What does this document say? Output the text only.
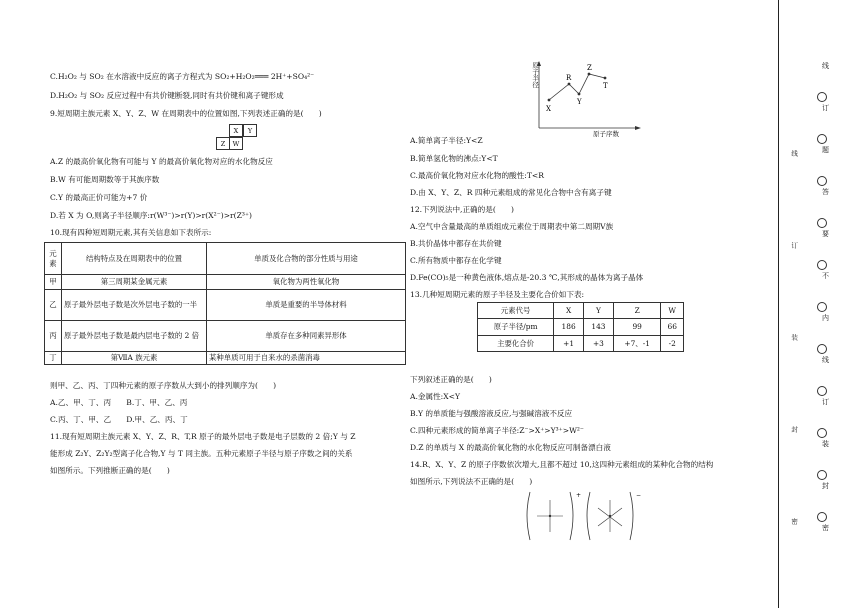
C.H₂O₂ 与 SO₂ 在水溶液中反应的离子方程式为 SO₂+H₂O₂═══ 2H⁺+SO₄²⁻
D.H₂O₂ 与 SO₂ 反应过程中有共价键断裂,同时有共价键和离子键形成
9.短周期主族元素 X、Y、Z、W 在周期表中的位置如图,下列表述正确的是(　　)
X	Y
Z	W
A.Z 的最高价氧化物有可能与 Y 的最高价氧化物对应的水化物反应
B.W 有可能周期数等于其族序数
C.Y 的最高正价可能为+7 价
D.若 X 为 O,则离子半径顺序:r(W³⁻)>r(Y)>r(X²⁻)>r(Z³⁺)
10.现有四种短周期元素,其有关信息如下表所示:
元素	结构特点及在周期表中的位置	单质及化合物的部分性质与用途
甲	第三周期某金属元素	氧化物为两性氧化物
乙	原子最外层电子数是次外层电子数的一半	单质是重要的半导体材料
丙	原子最外层电子数是最内层电子数的 2 倍	单质存在多种同素异形体
丁	第ⅦA 族元素	某种单质可用于自来水的杀菌消毒
则甲、乙、丙、丁四种元素的原子序数从大到小的排列顺序为(　　)
A.乙、甲、丁、丙　　B.丁、甲、乙、丙
C.丙、丁、甲、乙　　D.甲、乙、丙、丁
11.现有短周期主族元素 X、Y、Z、R、T,R 原子的最外层电子数是电子层数的 2 倍;Y 与 Z
能形成 Z₂Y、Z₂Y₂型离子化合物,Y 与 T 同主族。五种元素原子半径与原子序数之间的关系
如图所示。下列推断正确的是(　　)
X
R
Y
Z
T
原子序数
原子半径
A.简单离子半径:Y<Z
B.简单氢化物的沸点:Y<T
C.最高价氧化物对应水化物的酸性:T<R
D.由 X、Y、Z、R 四种元素组成的常见化合物中含有离子键
12.下列说法中,正确的是(　　)
A.空气中含量最高的单质组成元素位于周期表中第二周期Ⅴ族
B.共价晶体中都存在共价键
C.所有物质中都存在化学键
D.Fe(CO)₅是一种黄色液体,熔点是-20.3 ℃,其形成的晶体为离子晶体
13.几种短周期元素的原子半径及主要化合价如下表:
元素代号	X	Y	Z	W
原子半径/pm	186	143	99	66
主要化合价	+1	+3	+7、-1	-2
下列叙述正确的是(　　)
A.金属性:X<Y
B.Y 的单质能与强酸溶液反应,与强碱溶液不反应
C.四种元素形成的简单离子半径:Z⁻>X⁺>Y³⁺>W²⁻
D.Z 的单质与 X 的最高价氧化物的水化物反应可制备漂白液
14.R、X、Y、Z 的原子序数依次增大,且都不超过 10,这四种元素组成的某种化合物的结构
如图所示,下列说法不正确的是(　　)
+	−
线
订
题
答
要
不
内
线
订
装
封
密
线
订
装
封
密
